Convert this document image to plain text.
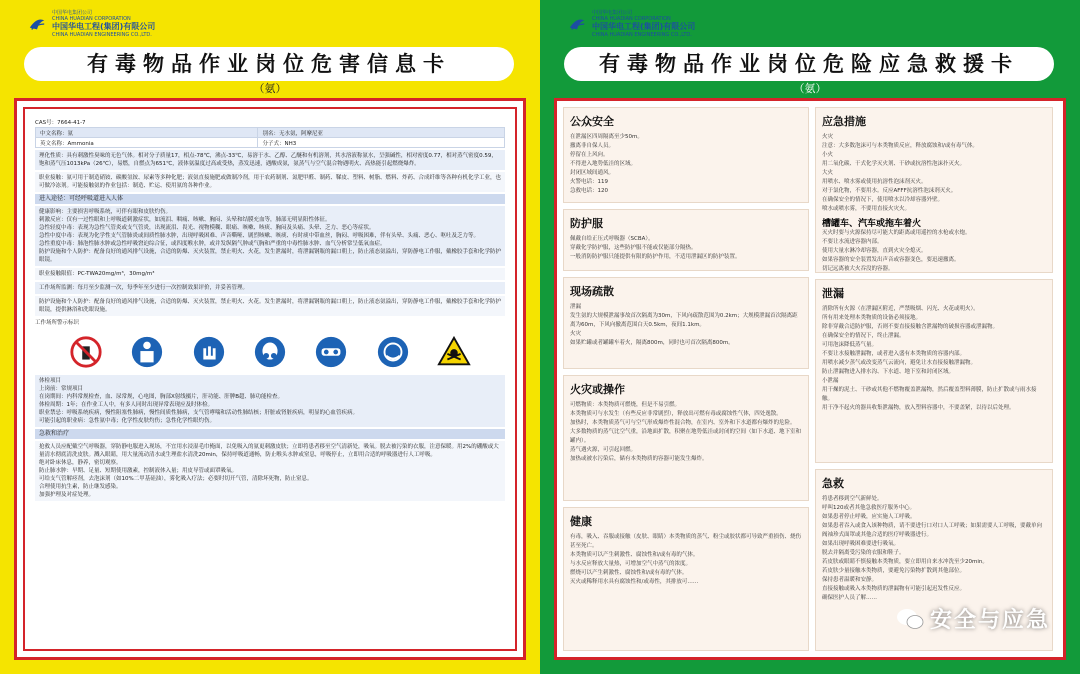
中国华电集团公司
CHINA HUADIAN CORPORATION
中国华电工程(集团)有限公司
CHINA HUADIAN ENGINEERING CO.,LTD.
有毒物品作业岗位危害信息卡
（氨）
CAS号：7664-41-7
中文名称：氨	别名：无水氨，阿摩尼亚
英文名称：Ammonia	分子式：NH3
理化性质：具有刺激性臭味的无色气体。相对分子质量17，相点-78℃，沸点-33℃，易溶于水、乙醇、乙醚和有机溶剂，其水溶液称氨水，呈强碱性，相对密度0.77，相对蒸气密度0.59，饱和蒸气压1013kPa（26℃），易燃，自燃点为651℃，液体氨温度过高或受热，蒸发迅速，遇酸成氨，氨蒸气与空气混合物遇明火、高热能引起燃烧爆炸。
职业接触：氨可用于制造硝铵、碳酸氢铵、尿素等多种化肥；液氨直接施肥或做制冷剂，用于农药制剂、氮肥甲醛、制药、鞣皮、塑料、树脂、燃料、炸药、合成纤维等各种有机化学工业，也可做冷冻剂。可能接触氨的作业包括：制造、贮运、使用氨的各种作业。
进入途径：可经呼吸道进入人体
健康影响：主要损害呼吸系统，可伴有眼和皮肤灼伤。
刺激反应：仅有一过性眼和上呼吸道刺激症状，如流泪、咽痛、咳嗽、胸闷、头晕和结膜充血等，肺部无明显阳性体征。
急性轻度中毒：表现为急性气管炎或支气管炎，出现流泪、畏光、视物模糊、眼痛、咳嗽、咳痰、胸闷及头痛、头晕、乏力、恶心等症状。
急性中度中毒：表现为化学性支气管肺炎或间质性肺水肿，出现呼吸困难、声音嘶哑、剧烈咳嗽、咳痰、有时痰中带血丝，胸闷、呼吸困难，伴有头晕、头痛、恶心、呕吐及乏力等。
急性重度中毒：肺泡性肺水肿或急性呼吸窘迫综合征，或四度喉水肿，或并发纵隔气肿或气胸和严重的中毒性肺水肿、血气分析常呈低氧血症。
防护设施和个人防护：配备良好的通风排气设施，合适的防爆、灭火装置，禁止明火、火花，发生泄漏时，将泄漏钢瓶的漏口朝上，防止液态氨溢出，穿防静电工作服，戴橡胶手套和化学防护眼镜。
职业接触限值：PC-TWA20mg/m³，30mg/m³
工作场所监测：每月至少监测一次，每季年至少进行一次控制效果评价，并妥善管理。
防护设施和个人防护：配备良好的通风排气设施，合适的防爆、灭火装置，禁止明火、火花。发生泄漏时，将泄漏钢瓶的漏口朝上，防止液态氨溢出，穿防静电工作服，戴橡胶手套和化学防护眼镜，提供淋浴和洗眼设施。
工作场所警示标识
体检项目
上岗前：常规项目
在岗期间：内科常规检查，血、尿常规，心电图，胸部X射线摄片，肝功能、肝脾B超、肺功能检查。
体检周期：1年；在作业工人中，有多人同时出现异常表现应及时体检。
职业禁忌：呼吸系统疾病，慢性阻塞性肺病，慢性间质性肺病，支气管哮喘和活动性肺结核；肝脏或肾脏疾病，明显的心血管疾病。
可能引起的职业病：急性氨中毒；化学性皮肤灼伤；急性化学性眼灼伤。
急救和治疗
抢救人员应配戴空气呼吸器，穿防静电服进入现场，不宜用水浸湿毛巾掩面，以免吸入的氨更刺激皮肤；立即将患者移至空气清新处，吸氧。脱去被污染的衣服，注意保暖。用2%的硼酸或大量清水彻底清洗皮肤。溅入眼睛，用大量流动清水或生理盐水清洗20min，保持呼吸道通畅，防止喉头水肿或窒息，呼吸停止，立即用合适的呼吸器进行人工呼吸。
绝对卧床休息，静养，密切观察。
防止肺水肿：早期、足量、短期使用激素，控制液体入量；用皮导管或面罩吸氧。
可给支气管解痉剂，去泡沫剂（如10%二甲基硅油），雾化吸入疗法；必要时切开气管，清除坏死物，防止窒息。
合理使用抗生素，防止继发感染。
加强护理及对症处理。
中国华电集团公司
CHINA HUADIAN CORPORATION
中国华电工程(集团)有限公司
CHINA HUADIAN ENGINEERING CO.,LTD.
有毒物品作业岗位危险应急救援卡
（氨）
公众安全
在泄漏区四周隔离至少50m。
撤离非自保人员。
停留在上风向。
不得进入地势低洼的区域。
封闭区域间通风。
火警电话：119
急救电话：120
防护服
佩戴自给正压式呼吸器（SCBA）。
穿戴化学防护服，这些防护服不能或仅能部分隔热。
一般消防防护服只能提供有限的防护作用，不适用泄漏区的防护装置。
现场疏散
泄漏
发生氨的大规模泄漏事故首次隔离为30m，下风向疏散范围为0.2km；大规模泄漏首次隔离距离为60m，下风向撤离范围白天0.5km，夜间1.1km。
火灾
如果贮罐或者罐罐车着火，隔离800m，同时也可首次隔离800m。
火灾或操作
可燃物质：本类物质可燃烧，但是不易引燃。
本类物质可与水发生（有些反应非常剧烈），释放出可燃有毒或腐蚀性气体，四处逸散。
加热时，本类物质蒸气可与空气形成爆炸性混合物，在室内、室外和下水道都有爆炸的危险。
大多数物质的蒸气比空气重，沿地面扩散，积聚在地势低洼或封闭的空间（如下水道、地下室和罐内）。
蒸气遇火源，可引起回燃。
加热或被水污染后，储有本类物质的容器可能发生爆炸。
健康
有毒，吸入、吞服或接触（皮肤、眼睛）本类物质的蒸气、粉尘或胶状都可导致严重损伤、烧伤甚至死亡。
本类物质可以产生刺激性、腐蚀性和/或有毒的气体。
与水反应释放大量热，可增加空气中蒸气的浓度。
燃烧可以产生刺激性、腐蚀性和/或有毒的气体。
灭火或稀释用水具有腐蚀性和/或毒性，其排放可……
应急措施
火灾
注意：大多数泡沫可与本类物质反应，释放腐蚀和/或有毒气体。
小火
用二氧化碳、干式化学灭火剂、干砂或抗溶性泡沫扑灭火。
大火
用喷水、喷水雾或使用抗溶性泡沫剂灭火。
对于氯化物，不要用水。反应AFFF抗溶性泡沫剂灭火。
在确保安全的情况下，使用喷水以冷却容器外壁。
喷水或喷水雾，不要用直接火灾火。
槽罐车、汽车或拖车着火
灭火时要与火源保持尽可能大的距离或用遥控的水枪或水炮。
不要让水流进容器内部。
使用大量水淋冷却容器，直到火灾全熄灭。
如果容器的安全装置发出声音或容器变色，要迅速撤离。
切记远离被大火吞没的容器。
泄漏
消除所有火源（在泄漏区附近，严禁吸烟、闪光、火花或明火）。
所有用来处理本类物质的设备必须接地。
除非穿戴合适防护服，否则不要直接接触含泄漏物的破损容器或泄漏物。
在确保安全的情况下，终止泄漏。
可用泡沫降低蒸气量。
不要让水接触泄漏物，或者进入盛有本类物质的容器内部。
用喷水减少蒸气或改变蒸气云流向，避免让水直接接触泄漏物。
防止泄漏物进入排水沟、下水道、地下室和封闭区域。
小泄漏
用干燥的泥土、干砂或其他不燃物覆盖泄漏物，然后覆盖塑料薄膜，防止扩散或与雨水接触。
用干净不起火的器具收集泄漏物，放入塑料容器中，不要盖紧，以待以后处理。
急救
将患者移到空气新鲜处。
呼叫120或者其他急救医疗服务中心。
如果患者停止呼吸，应实施人工呼吸。
如果患者吞入或食入该种物质，请不要进行口对口人工呼吸；如果需要人工呼吸，要戴单向阀袖珍式面罩或其他合适的医疗呼吸器进行。
如果出现呼吸困难要进行吸氧。
脱去并隔离受污染的衣服和鞋子。
若皮肤或眼睛不慎接触本类物质，要立即用自来水冲洗至少20min。
若皮肤少量接触本类物质，要避免污染物扩散到其他部位。
保持患者温暖和安静。
直接接触或吸入本类物质的泄漏物有可能引起迟发性反应。
确保医护人员了解……
安全与应急
